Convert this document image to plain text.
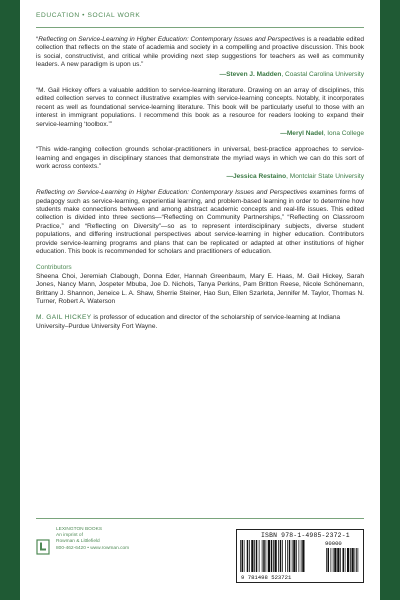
EDUCATION • SOCIAL WORK

“Reflecting on Service-Learning in Higher Education: Contemporary Issues and Perspectives is a readable edited collection that reflects on the state of academia and society in a compelling and proactive discussion. This book is social, constructivist, and critical while providing next step suggestions for teachers as well as community leaders. A new paradigm is upon us.”

—Steven J. Madden, Coastal Carolina University

“M. Gail Hickey offers a valuable addition to service-learning literature. Drawing on an array of disciplines, this edited collection serves to connect illustrative examples with service-learning concepts. Notably, it incorporates recent as well as foundational service-learning literature. This book will be particularly useful to those with an interest in immigrant populations. I recommend this book as a resource for readers looking to expand their service-learning ‘toolbox.’”

—Meryl Nadel, Iona College

“This wide-ranging collection grounds scholar-practitioners in universal, best-practice approaches to service-learning and engages in disciplinary stances that demonstrate the myriad ways in which we can do this sort of work across contexts.”

—Jessica Restaino, Montclair State University

Reflecting on Service-Learning in Higher Education: Contemporary Issues and Perspectives examines forms of pedagogy such as service-learning, experiential learning, and problem-based learning in order to determine how students make connections between and among abstract academic concepts and real-life issues. This edited collection is divided into three sections—“Reflecting on Community Partnerships,” “Reflecting on Classroom Practice,” and “Reflecting on Diversity”—so as to represent interdisciplinary subjects, diverse student populations, and differing instructional perspectives about service-learning in higher education. Contributors provide service-learning programs and plans that can be replicated or adapted at other institutions of higher education. This book is recommended for scholars and practitioners of education.

Contributors

Sheena Choi, Jeremiah Clabough, Donna Eder, Hannah Greenbaum, Mary E. Haas, M. Gail Hickey, Sarah Jones, Nancy Mann, Jospeter Mbuba, Joe D. Nichols, Tanya Perkins, Pam Britton Reese, Nicole Schönemann, Brittany J. Shannon, Jeneice L. A. Shaw, Sherrie Steiner, Hao Sun, Ellen Szarleta, Jennifer M. Taylor, Thomas N. Turner, Robert A. Waterson

M. GAIL HICKEY is professor of education and director of the scholarship of service-learning at Indiana University–Purdue University Fort Wayne.

LEXINGTON BOOKS
An imprint of
Rowman & Littlefield
800-462-6420 • www.rowman.com
ISBN 978-1-4985-2372-1
9 781498 523721
90000
